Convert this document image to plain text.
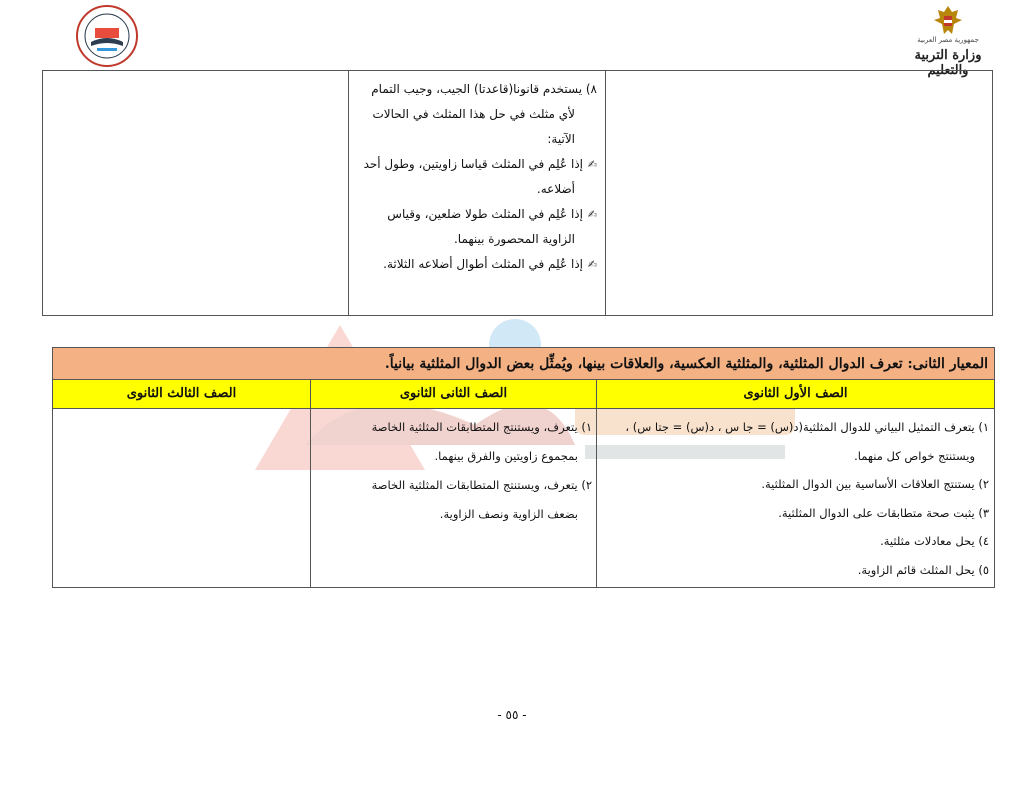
جمهورية مصر العربية
وزارة التربية والتعليم

٨) يستخدم قانونا(قاعدتا) الجيب، وجيب التمام

لأي مثلث في حل هذا المثلث في الحالات

الآتية:

✍
إذا عُلِم في المثلث قياسا زاويتين، وطول أحد

أضلاعه.

✍
إذا عُلِم في المثلث طولا ضلعين، وقياس

الزاوية المحصورة بينهما.

✍
إذا عُلِم في المثلث أطوال أضلاعه الثلاثة.

المعيار الثانى: تعرف الدوال المثلثية، والمثلثية العكسية، والعلاقات بينها، ويُمثِّل بعض الدوال المثلثية بيانياً.
الصف الأول الثانوى
الصف الثانى الثانوى
الصف الثالث الثانوى

١) يتعرف التمثيل البياني للدوال المثلثية(د(س) = جا س ، د(س) = جتا س) ،

ويستنتج خواص كل منهما.

٢) يستنتج العلاقات الأساسية بين الدوال المثلثية.

٣) يثبت صحة متطابقات على الدوال المثلثية.

٤) يحل معادلات مثلثية.

٥) يحل المثلث قائم الزاوية.

١) يتعرف، ويستنتج المتطابقات المثلثية الخاصة

بمجموع زاويتين والفرق بينهما.

٢) يتعرف، ويستنتج المتطابقات المثلثية الخاصة

بضعف الزاوية ونصف الزاوية.

- ٥٥ -
